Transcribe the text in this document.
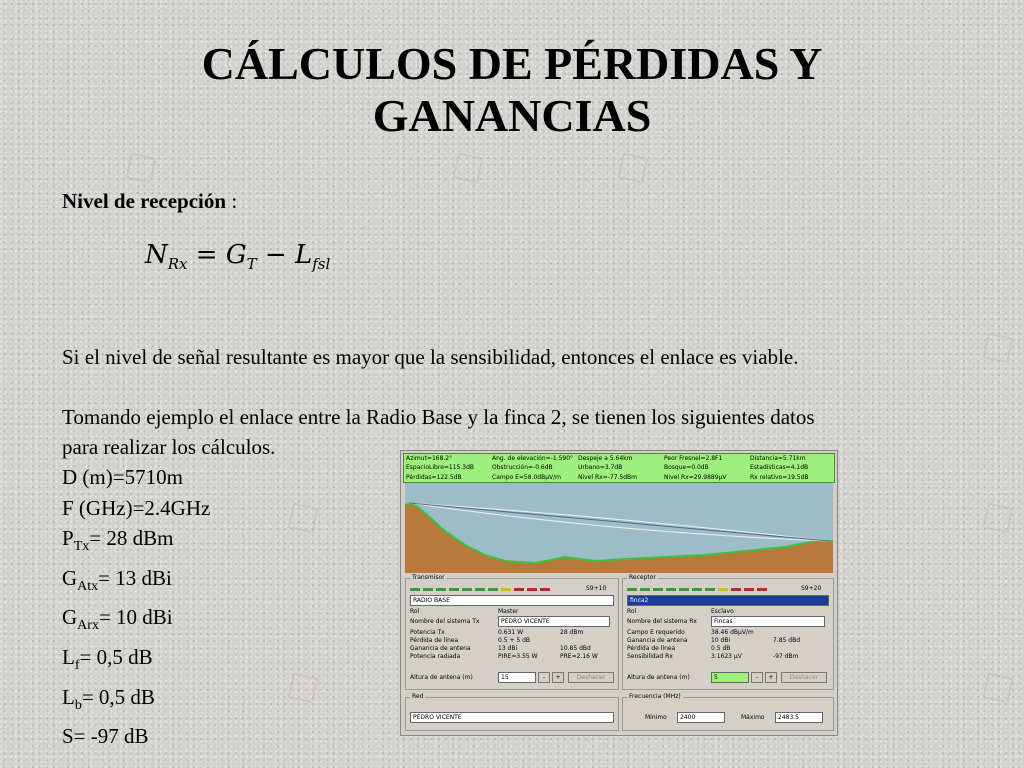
CÁLCULOS DE PÉRDIDAS Y
GANANCIAS
Nivel de recepción :
$N_{Rx} = G_T - L_{fsl}$
Si el nivel de señal resultante es mayor que la sensibilidad, entonces el enlace es viable.
Tomando ejemplo el enlace entre la Radio Base y la finca 2, se tienen los siguientes datos
para realizar los cálculos.
D (m)=5710m
F (GHz)=2.4GHz
$P_{Tx}= 28$ dBm
$G_{Atx}= 13$ dBi
$G_{Arx}= 10$ dBi
$L_f= 0,5$ dB
$L_b= 0,5$ dB
S= -97 dB
Azimut=168.2°	Ang. de elevación=-1.590° Despeje a 5.64km	Peor Fresnel=2.8F1	Distancia=5.71km
EspacioLibre=115.3dB	Obstrucción=-0.6dB	Urbano=3.7dB	Bosque=0.0dB	Estadísticas=4.1dB
Pérdidas=122.5dB	Campo E=58.0dBµV/m	Nivel Rx=-77.5dBm	Nivel Rx=29.9889µV	Rx relativo=19.5dB
Transmisor
S9+10
RADIO BASE
Rol	Master
Nombre del sistema Tx	PEDRO VICENTE
Potencia Tx	0.631 W	28 dBm
Pérdida de línea	0.5 + 5 dB
Ganancia de antena	13 dBi	10.85 dBd
Potencia radiada	PIRE=3.55 W	PRE=2.16 W
Altura de antena (m)	15	-	+	Deshacer
Receptor
S9+20
finca2
Rol	Esclavo
Nombre del sistema Rx	Fincas
Campo E requerido	38.46 dBµV/m
Ganancia de antena	10 dBi	7.85 dBd
Pérdida de línea	0.5 dB
Sensibilidad Rx	3.1623 µV	-97 dBm
Altura de antena (m)	5	-	+	Deshacer
Red
PEDRO VICENTE
Frecuencia (MHz)
Mínimo	2400	Máximo	2483.5
